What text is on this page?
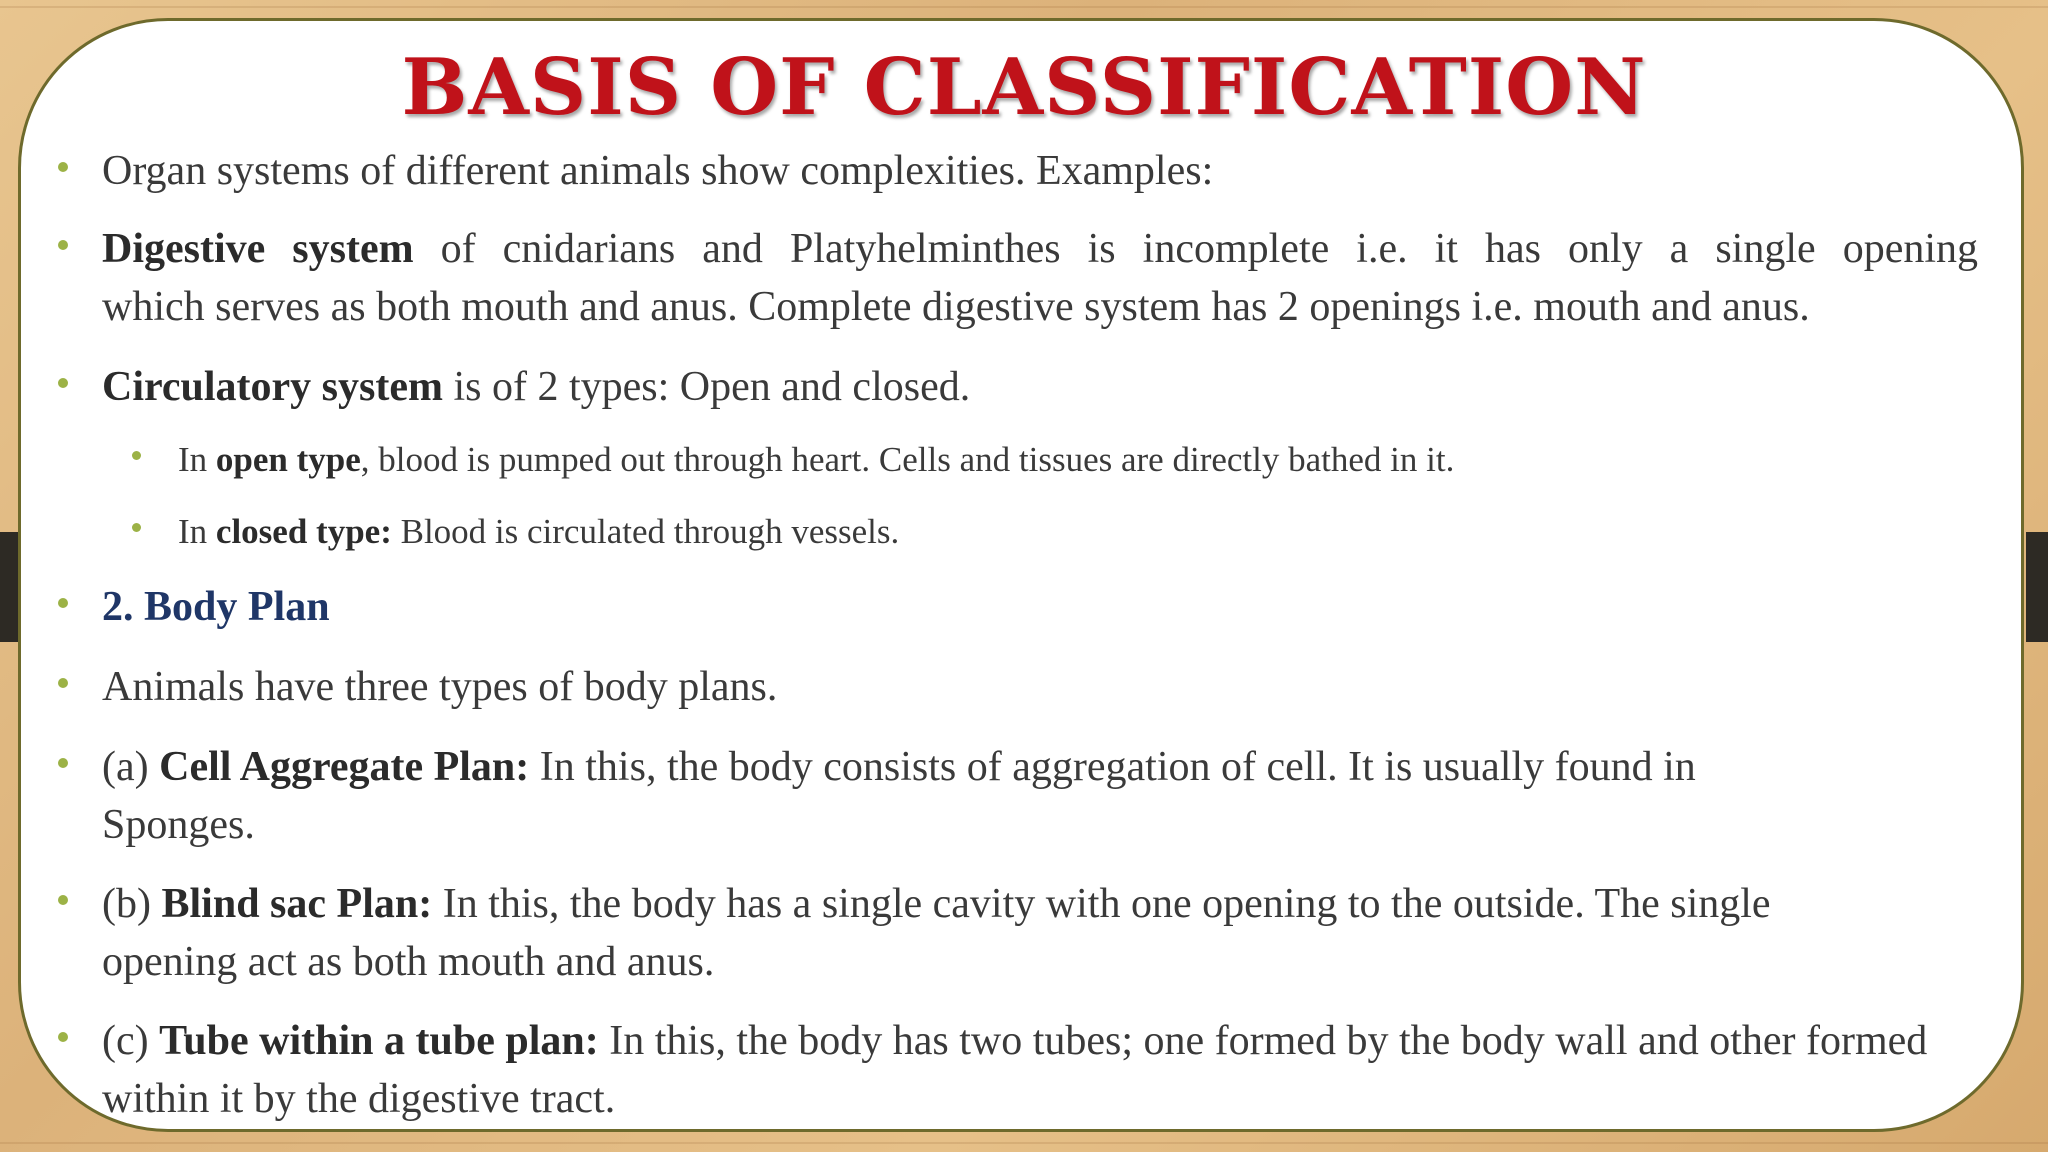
BASIS OF CLASSIFICATION
Organ systems of different animals show complexities. Examples:
Digestive system of cnidarians and Platyhelminthes is incomplete i.e. it has only a single opening
which serves as both mouth and anus. Complete digestive system has 2 openings i.e. mouth and anus.
Circulatory system is of 2 types: Open and closed.
In open type, blood is pumped out through heart. Cells and tissues are directly bathed in it.
In closed type: Blood is circulated through vessels.
2. Body Plan
Animals have three types of body plans.
(a) Cell Aggregate Plan: In this, the body consists of aggregation of cell. It is usually found in Sponges.
(b) Blind sac Plan: In this, the body has a single cavity with one opening to the outside. The single opening act as both mouth and anus.
(c) Tube within a tube plan: In this, the body has two tubes; one formed by the body wall and other formed within it by the digestive tract.
